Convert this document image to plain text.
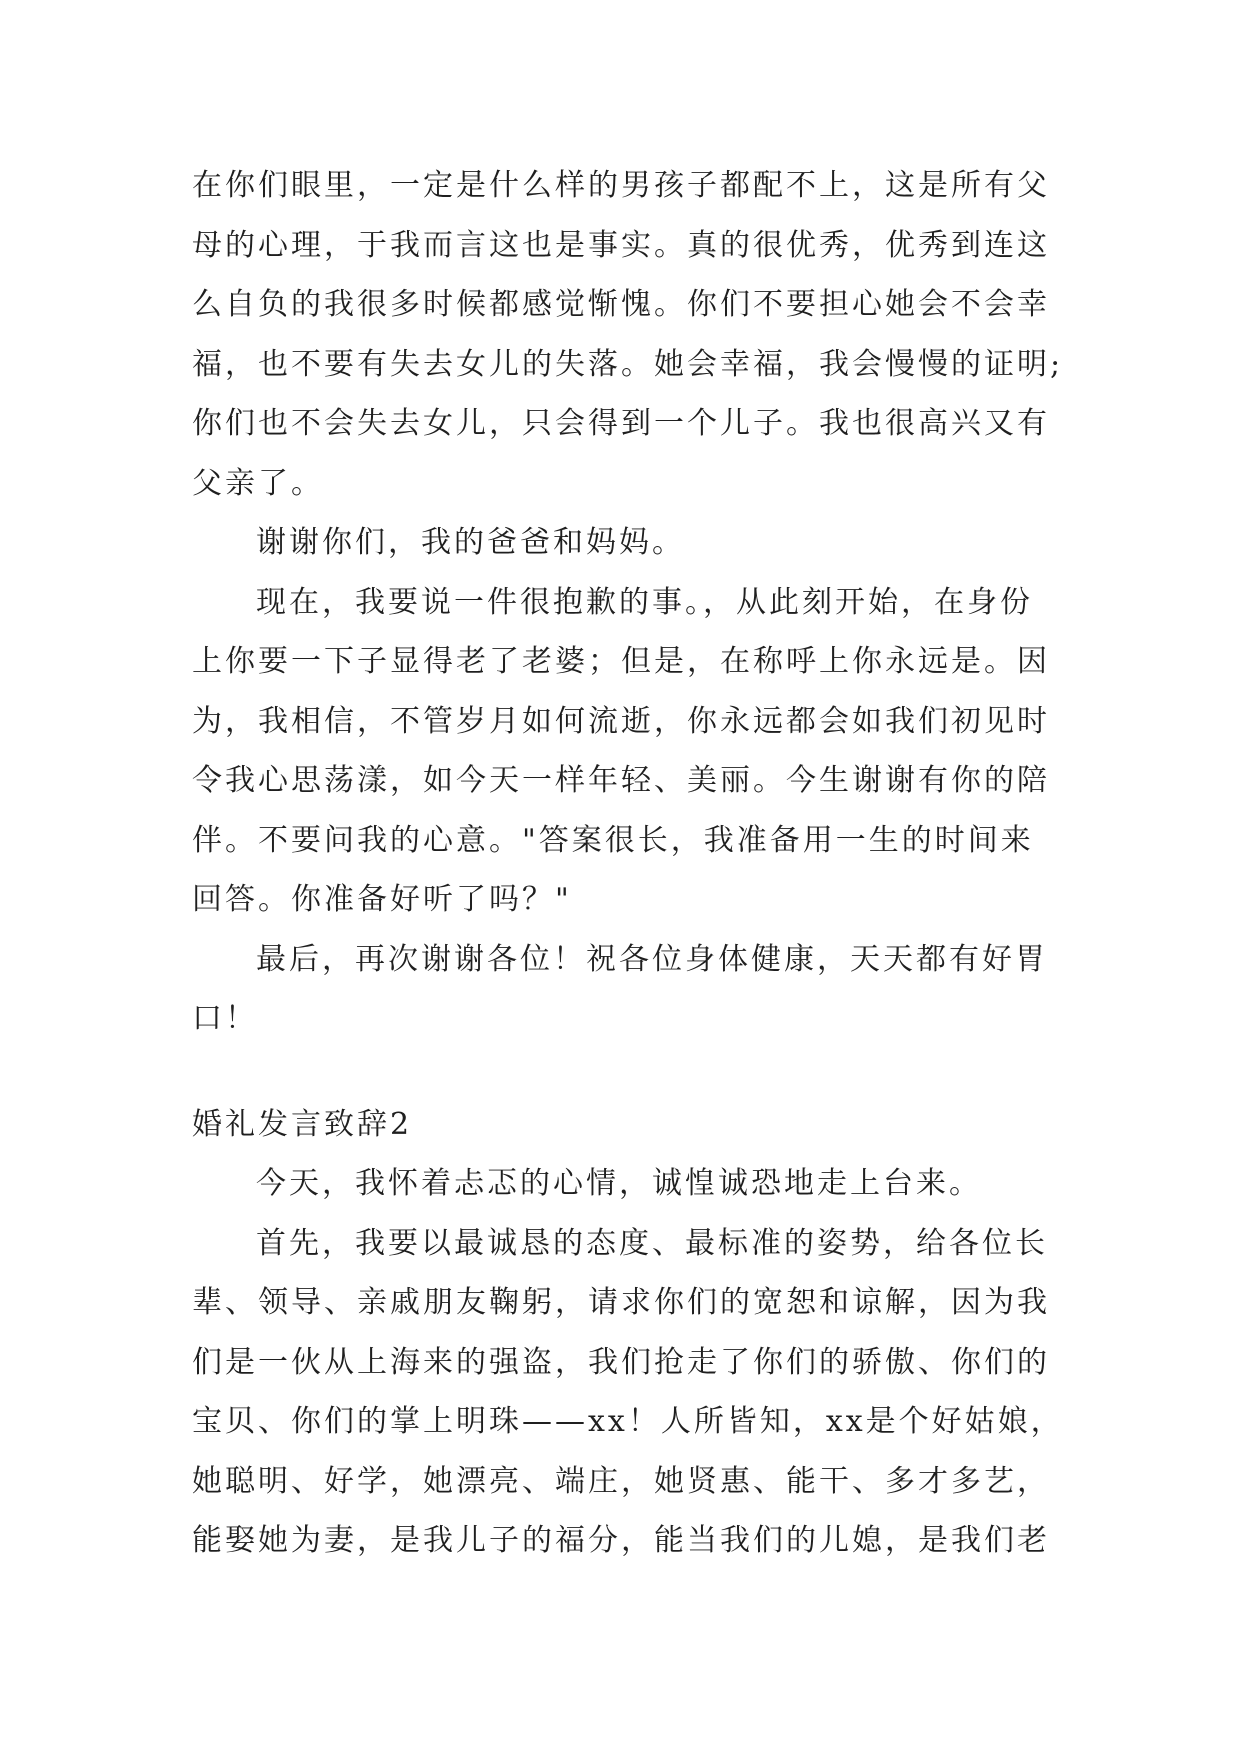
在你们眼里，一定是什么样的男孩子都配不上，这是所有父
母的心理，于我而言这也是事实。真的很优秀，优秀到连这
么自负的我很多时候都感觉惭愧。你们不要担心她会不会幸
福，也不要有失去女儿的失落。她会幸福，我会慢慢的证明;
你们也不会失去女儿，只会得到一个儿子。我也很高兴又有
父亲了。
谢谢你们，我的爸爸和妈妈。
现在，我要说一件很抱歉的事。，从此刻开始，在身份
上你要一下子显得老了老婆；但是，在称呼上你永远是。因
为，我相信，不管岁月如何流逝，你永远都会如我们初见时
令我心思荡漾，如今天一样年轻、美丽。今生谢谢有你的陪
伴。不要问我的心意。"答案很长，我准备用一生的时间来
回答。你准备好听了吗？"
最后，再次谢谢各位！祝各位身体健康，天天都有好胃
口！
婚礼发言致辞2
今天，我怀着忐忑的心情，诚惶诚恐地走上台来。
首先，我要以最诚恳的态度、最标准的姿势，给各位长
辈、领导、亲戚朋友鞠躬，请求你们的宽恕和谅解，因为我
们是一伙从上海来的强盗，我们抢走了你们的骄傲、你们的
宝贝、你们的掌上明珠——xx！人所皆知，xx是个好姑娘，
她聪明、好学，她漂亮、端庄，她贤惠、能干、多才多艺，
能娶她为妻，是我儿子的福分，能当我们的儿媳，是我们老
